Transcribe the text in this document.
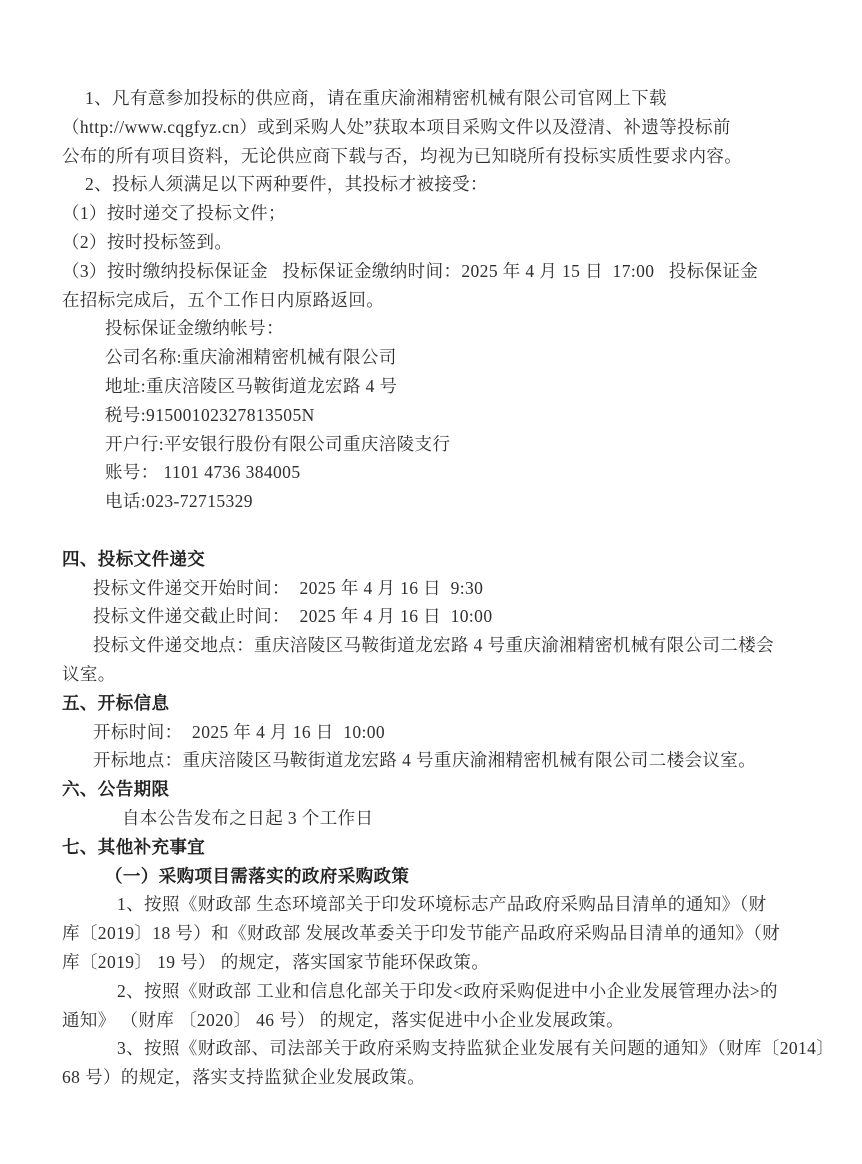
1、凡有意参加投标的供应商，请在重庆渝湘精密机械有限公司官网上下载
（http://www.cqgfyz.cn）或到采购人处”获取本项目采购文件以及澄清、补遗等投标前
公布的所有项目资料，无论供应商下载与否，均视为已知晓所有投标实质性要求内容。
2、投标人须满足以下两种要件，其投标才被接受：
（1）按时递交了投标文件；
（2）按时投标签到。
（3）按时缴纳投标保证金   投标保证金缴纳时间：2025 年 4 月 15 日  17:00   投标保证金
在招标完成后，五个工作日内原路返回。
投标保证金缴纳帐号：
公司名称:重庆渝湘精密机械有限公司
地址:重庆涪陵区马鞍街道龙宏路 4 号
税号:91500102327813505N
开户行:平安银行股份有限公司重庆涪陵支行
账号： 1101 4736 384005
电话:023-72715329
四、投标文件递交
投标文件递交开始时间：  2025 年 4 月 16 日  9:30
投标文件递交截止时间：  2025 年 4 月 16 日  10:00
投标文件递交地点：重庆涪陵区马鞍街道龙宏路 4 号重庆渝湘精密机械有限公司二楼会
议室。
五、开标信息
开标时间：  2025 年 4 月 16 日  10:00
开标地点：重庆涪陵区马鞍街道龙宏路 4 号重庆渝湘精密机械有限公司二楼会议室。
六、公告期限
自本公告发布之日起 3 个工作日
七、其他补充事宜
（一）采购项目需落实的政府采购政策
1、按照《财政部 生态环境部关于印发环境标志产品政府采购品目清单的通知》（财
库〔2019〕18 号）和《财政部 发展改革委关于印发节能产品政府采购品目清单的通知》（财
库〔2019〕 19 号） 的规定，落实国家节能环保政策。
2、按照《财政部 工业和信息化部关于印发<政府采购促进中小企业发展管理办法>的
通知》 （财库 〔2020〕 46 号） 的规定，落实促进中小企业发展政策。
3、按照《财政部、司法部关于政府采购支持监狱企业发展有关问题的通知》（财库〔2014〕
68 号）的规定，落实支持监狱企业发展政策。
